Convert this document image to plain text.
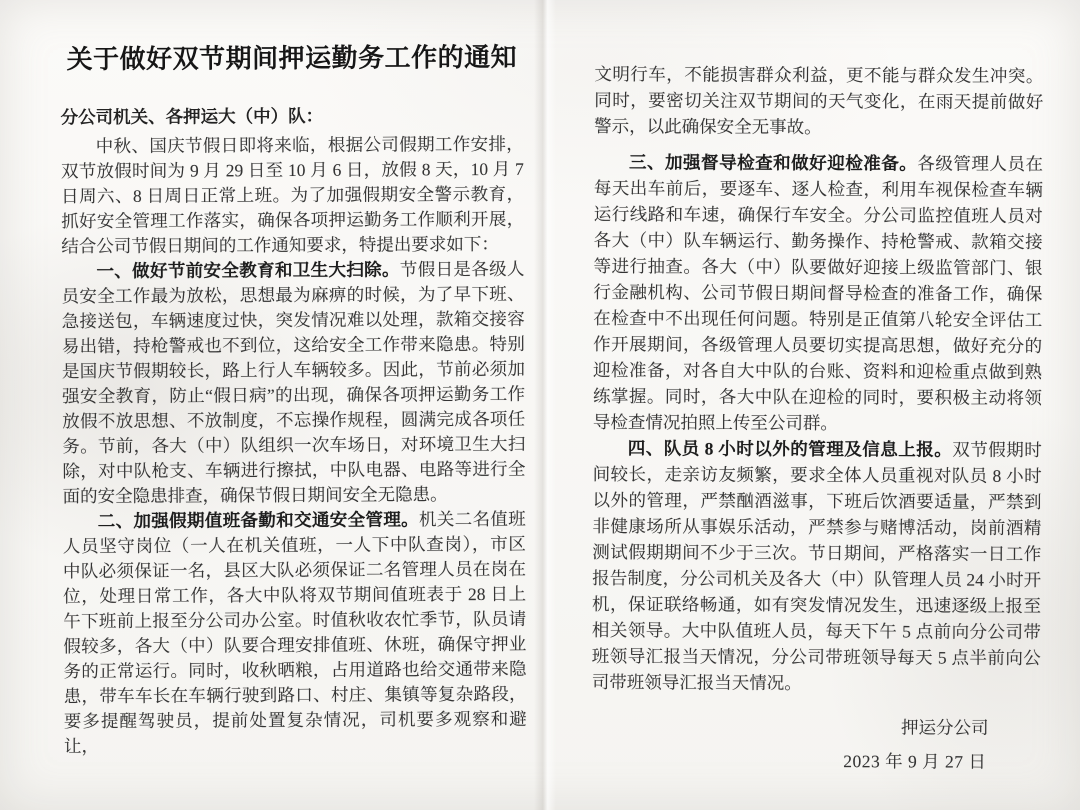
关于做好双节期间押运勤务工作的通知
分公司机关、各押运大（中）队：

中秋、国庆节假日即将来临，根据公司假期工作安排，双节放假时间为 9 月 29 日至 10 月 6 日，放假 8 天，10 月 7 日周六、8 日周日正常上班。为了加强假期安全警示教育，抓好安全管理工作落实，确保各项押运勤务工作顺利开展，结合公司节假日期间的工作通知要求，特提出要求如下：

一、做好节前安全教育和卫生大扫除。节假日是各级人员安全工作最为放松，思想最为麻痹的时候，为了早下班、急接送包，车辆速度过快，突发情况难以处理，款箱交接容易出错，持枪警戒也不到位，这给安全工作带来隐患。特别是国庆节假期较长，路上行人车辆较多。因此，节前必须加强安全教育，防止“假日病”的出现，确保各项押运勤务工作放假不放思想、不放制度，不忘操作规程，圆满完成各项任务。节前，各大（中）队组织一次车场日，对环境卫生大扫除，对中队枪支、车辆进行擦拭，中队电器、电路等进行全面的安全隐患排查，确保节假日期间安全无隐患。

二、加强假期值班备勤和交通安全管理。机关二名值班人员坚守岗位（一人在机关值班，一人下中队查岗），市区中队必须保证一名，县区大队必须保证二名管理人员在岗在位，处理日常工作，各大中队将双节期间值班表于 28 日上午下班前上报至分公司办公室。时值秋收农忙季节，队员请假较多，各大（中）队要合理安排值班、休班，确保守押业务的正常运行。同时，收秋晒粮，占用道路也给交通带来隐患，带车车长在车辆行驶到路口、村庄、集镇等复杂路段，要多提醒驾驶员，提前处置复杂情况，司机要多观察和避让，

文明行车，不能损害群众利益，更不能与群众发生冲突。同时，要密切关注双节期间的天气变化，在雨天提前做好警示，以此确保安全无事故。

三、加强督导检查和做好迎检准备。各级管理人员在每天出车前后，要逐车、逐人检查，利用车视保检查车辆运行线路和车速，确保行车安全。分公司监控值班人员对各大（中）队车辆运行、勤务操作、持枪警戒、款箱交接等进行抽查。各大（中）队要做好迎接上级监管部门、银行金融机构、公司节假日期间督导检查的准备工作，确保在检查中不出现任何问题。特别是正值第八轮安全评估工作开展期间，各级管理人员要切实提高思想，做好充分的迎检准备，对各自大中队的台账、资料和迎检重点做到熟练掌握。同时，各大中队在迎检的同时，要积极主动将领导检查情况拍照上传至公司群。

四、队员 8 小时以外的管理及信息上报。双节假期时间较长，走亲访友频繁，要求全体人员重视对队员 8 小时以外的管理，严禁酗酒滋事，下班后饮酒要适量，严禁到非健康场所从事娱乐活动，严禁参与赌博活动，岗前酒精测试假期期间不少于三次。节日期间，严格落实一日工作报告制度，分公司机关及各大（中）队管理人员 24 小时开机，保证联络畅通，如有突发情况发生，迅速逐级上报至相关领导。大中队值班人员，每天下午 5 点前向分公司带班领导汇报当天情况，分公司带班领导每天 5 点半前向公司带班领导汇报当天情况。

押运分公司
2023 年 9 月 27 日
